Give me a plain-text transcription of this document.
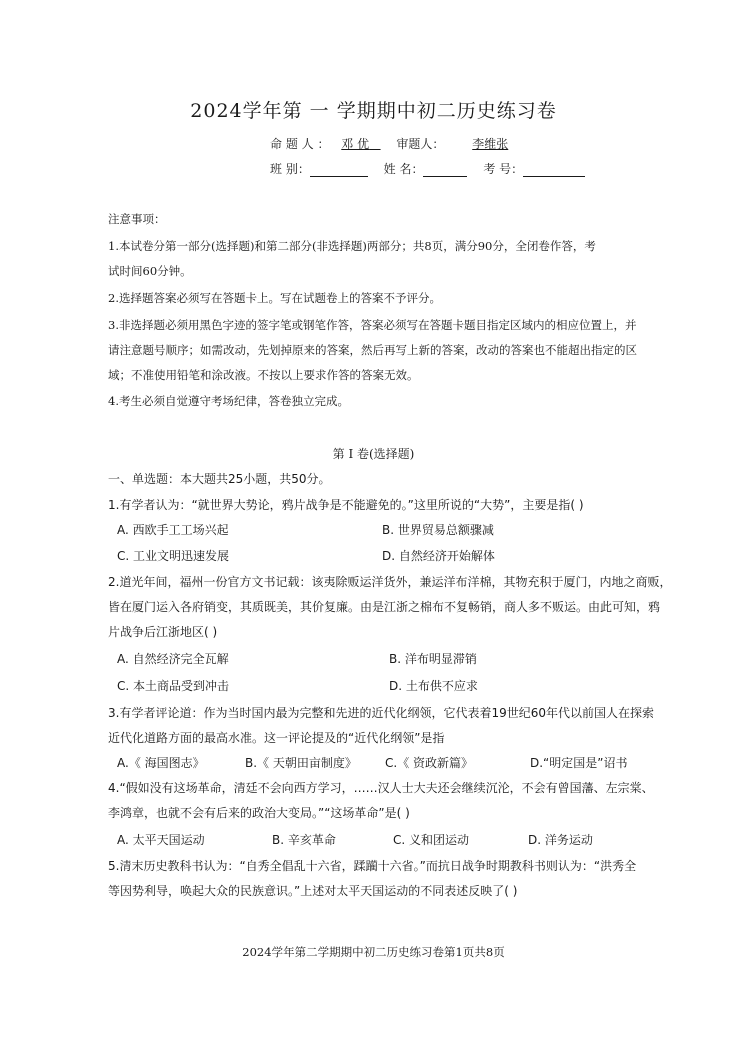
2024学年第 一 学期期中初二历史练习卷
命 题 人 ： 邓 优 审题人： 李维张
班 别：	姓 名：	考 号：
注意事项：
1.本试卷分第一部分(选择题)和第二部分(非选择题)两部分；共8页，满分90分，全闭卷作答，考
试时间60分钟。
2.选择题答案必须写在答题卡上。写在试题卷上的答案不予评分。
3.非选择题必须用黑色字迹的签字笔或钢笔作答，答案必须写在答题卡题目指定区域内的相应位置上，并
请注意题号顺序；如需改动，先划掉原来的答案，然后再写上新的答案，改动的答案也不能超出指定的区
域；不准使用铅笔和涂改液。不按以上要求作答的答案无效。
4.考生必须自觉遵守考场纪律，答卷独立完成。
第 I 卷(选择题)
一、单选题：本大题共25小题，共50分。
1.有学者认为：“就世界大势论，鸦片战争是不能避免的。”这里所说的“大势”，主要是指( )
A. 西欧手工工场兴起	B. 世界贸易总额骤减
C. 工业文明迅速发展	D. 自然经济开始解体
2.道光年间，福州一份官方文书记载：该夷除贩运洋货外，兼运洋布洋棉，其物充积于厦门，内地之商贩，
皆在厦门运入各府销变，其质既美，其价复廉。由是江浙之棉布不复畅销，商人多不贩运。由此可知，鸦
片战争后江浙地区( )
A. 自然经济完全瓦解	B. 洋布明显滞销
C. 本土商品受到冲击	D. 土布供不应求
3.有学者评论道：作为当时国内最为完整和先进的近代化纲领，它代表着19世纪60年代以前国人在探索
近代化道路方面的最高水准。这一评论提及的“近代化纲领”是指
A.《 海国图志》	B.《 天朝田亩制度》 C.《 资政新篇》	D.“明定国是”诏书
4.“假如没有这场革命，清廷不会向西方学习，……汉人士大夫还会继续沉沦，不会有曾国藩、左宗棠、
李鸿章，也就不会有后来的政治大变局。”“这场革命”是( )
A. 太平天国运动	B. 辛亥革命	C. 义和团运动	D. 洋务运动
5.清末历史教科书认为：“自秀全倡乱十六省，蹂躏十六省。”而抗日战争时期教科书则认为：“洪秀全
等因势利导，唤起大众的民族意识。”上述对太平天国运动的不同表述反映了( )
2024学年第二学期期中初二历史练习卷第1页共8页
